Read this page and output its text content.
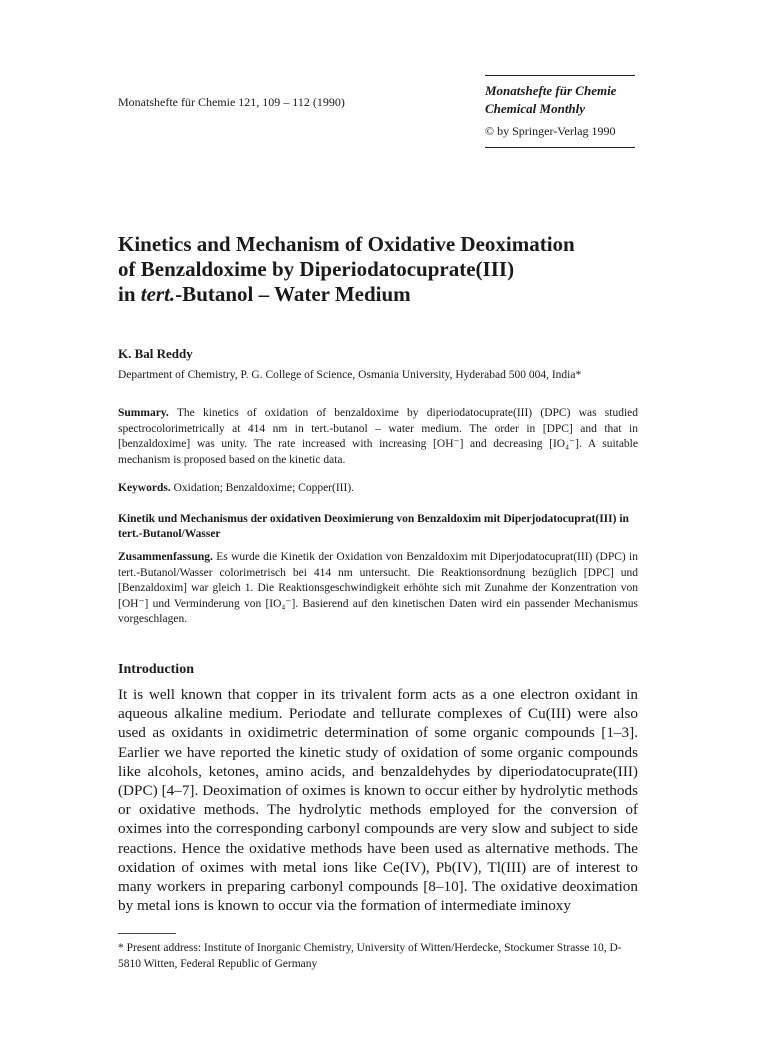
Monatshefte für Chemie 121, 109 – 112 (1990)
Monatshefte für Chemie
Chemical Monthly
© by Springer-Verlag 1990
Kinetics and Mechanism of Oxidative Deoximation
of Benzaldoxime by Diperiodatocuprate(III)
in tert.-Butanol – Water Medium
K. Bal Reddy
Department of Chemistry, P. G. College of Science, Osmania University, Hyderabad 500 004, India*
Summary. The kinetics of oxidation of benzaldoxime by diperiodatocuprate(III) (DPC) was studied spectrocolorimetrically at 414 nm in tert.-butanol – water medium. The order in [DPC] and that in [benzaldoxime] was unity. The rate increased with increasing [OH⁻] and decreasing [IO₄⁻]. A suitable mechanism is proposed based on the kinetic data.
Keywords. Oxidation; Benzaldoxime; Copper(III).
Kinetik und Mechanismus der oxidativen Deoximierung von Benzaldoxim mit Diperjodatocuprat(III) in tert.-Butanol/Wasser
Zusammenfassung. Es wurde die Kinetik der Oxidation von Benzaldoxim mit Diperjodatocuprat(III) (DPC) in tert.-Butanol/Wasser colorimetrisch bei 414 nm untersucht. Die Reaktionsordnung bezüglich [DPC] und [Benzaldoxim] war gleich 1. Die Reaktionsgeschwindigkeit erhöhte sich mit Zunahme der Konzentration von [OH⁻] und Verminderung von [IO₄⁻]. Basierend auf den kinetischen Daten wird ein passender Mechanismus vorgeschlagen.
Introduction
It is well known that copper in its trivalent form acts as a one electron oxidant in aqueous alkaline medium. Periodate and tellurate complexes of Cu(III) were also used as oxidants in oxidimetric determination of some organic compounds [1–3]. Earlier we have reported the kinetic study of oxidation of some organic compounds like alcohols, ketones, amino acids, and benzaldehydes by diperiodatocuprate(III) (DPC) [4–7]. Deoximation of oximes is known to occur either by hydrolytic methods or oxidative methods. The hydrolytic methods employed for the conversion of oximes into the corresponding carbonyl compounds are very slow and subject to side reactions. Hence the oxidative methods have been used as alternative methods. The oxidation of oximes with metal ions like Ce(IV), Pb(IV), Tl(III) are of interest to many workers in preparing carbonyl compounds [8–10]. The oxidative deoximation by metal ions is known to occur via the formation of intermediate iminoxy
* Present address: Institute of Inorganic Chemistry, University of Witten/Herdecke, Stockumer Strasse 10, D-5810 Witten, Federal Republic of Germany
